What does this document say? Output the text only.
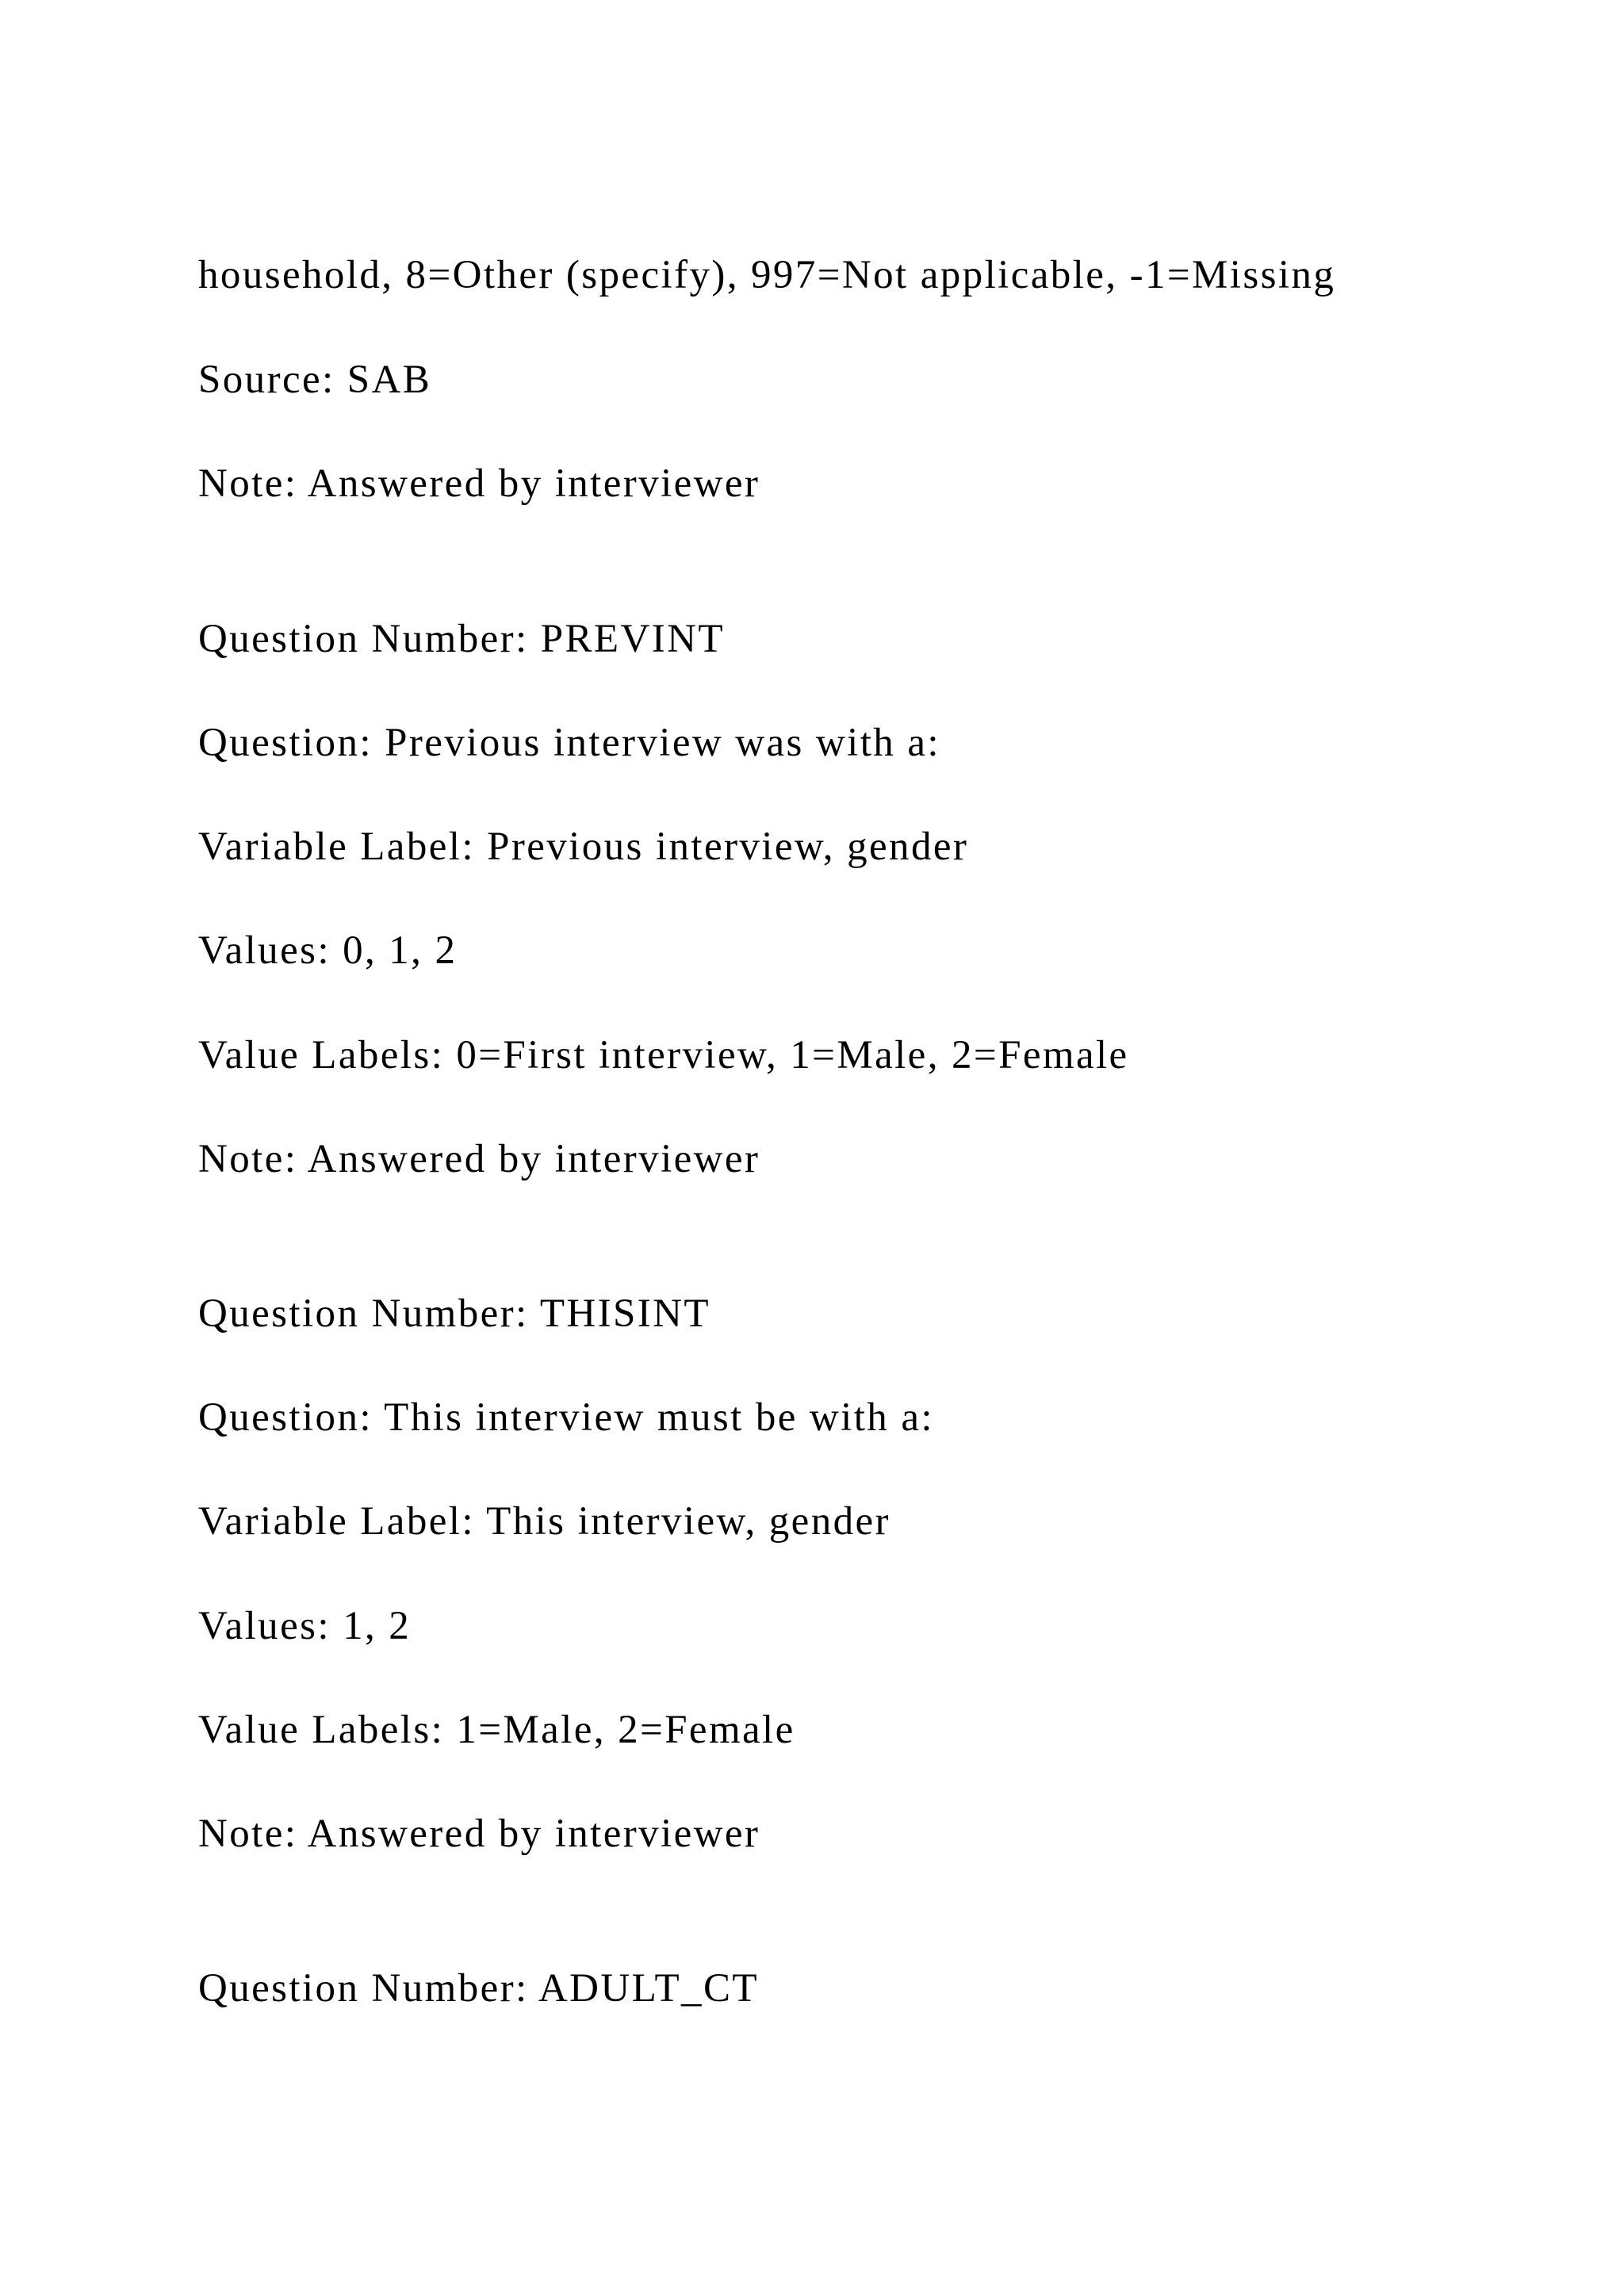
household, 8=Other (specify), 997=Not applicable, -1=Missing
Source: SAB
Note: Answered by interviewer
Question Number: PREVINT
Question: Previous interview was with a:
Variable Label: Previous interview, gender
Values: 0, 1, 2
Value Labels: 0=First interview, 1=Male, 2=Female
Note: Answered by interviewer
Question Number: THISINT
Question: This interview must be with a:
Variable Label: This interview, gender
Values: 1, 2
Value Labels: 1=Male, 2=Female
Note: Answered by interviewer
Question Number: ADULT_CT
